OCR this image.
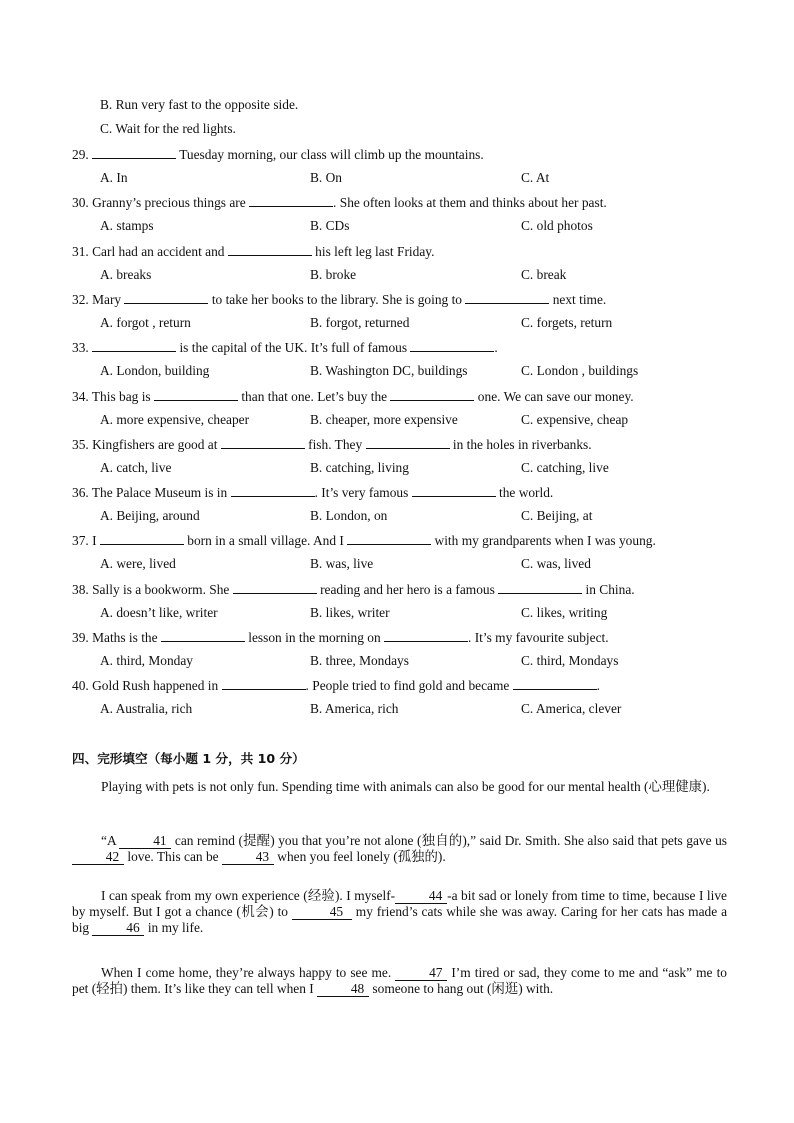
B. Run very fast to the opposite side.
C. Wait for the red lights.
29.	Tuesday morning, our class will climb up the mountains.
A. In	B. On	C. At
30. Granny’s precious things are	. She often looks at them and thinks about her past.
A. stamps	B. CDs	C. old photos
31. Carl had an accident and	his left leg last Friday.
A. breaks	B. broke	C. break
32. Mary	to take her books to the library. She is going to	next time.
A. forgot , return	B. forgot, returned	C. forgets, return
33.	is the capital of the UK. It’s full of famous	.
A. London, building	B. Washington DC, buildings	C. London , buildings
34. This bag is	than that one. Let’s buy the	one. We can save our money.
A. more expensive, cheaper	B. cheaper, more expensive	C. expensive, cheap
35. Kingfishers are good at	fish. They	in the holes in riverbanks.
A. catch, live	B. catching, living	C. catching, live
36. The Palace Museum is in	. It’s very famous	the world.
A. Beijing, around	B. London, on	C. Beijing, at
37. I	born in a small village. And I	with my grandparents when I was young.
A. were, lived	B. was, live	C. was, lived
38. Sally is a bookworm. She	reading and her hero is a famous	in China.
A. doesn’t like, writer	B. likes, writer	C. likes, writing
39. Maths is the	lesson in the morning on	. It’s my favourite subject.
A. third, Monday	B. three, Mondays	C. third, Mondays
40. Gold Rush happened in	. People tried to find gold and became	.
A. Australia, rich	B. America, rich	C. America, clever
四、完形填空（每小题 1 分，共 10 分）
Playing with pets is not only fun. Spending time with animals can also be good for our mental health (心理健康).
“A	41 can remind (提醒) you that you’re not alone (独自的),” said Dr. Smith. She also said that pets gave us 42 love. This can be	43 when you feel lonely (孤独的).
I can speak from my own experience (经验). I myself-	44 -a bit sad or lonely from time to time, because I live by myself. But I got a chance (机会) to	45 my friend’s cats while she was away. Caring for her cats has made a big	46 in my life.
When I come home, they’re always happy to see me.	47 I’m tired or sad, they come to me and “ask” me to pet (轻拍) them. It’s like they can tell when I	48 someone to hang out (闲逛) with.
